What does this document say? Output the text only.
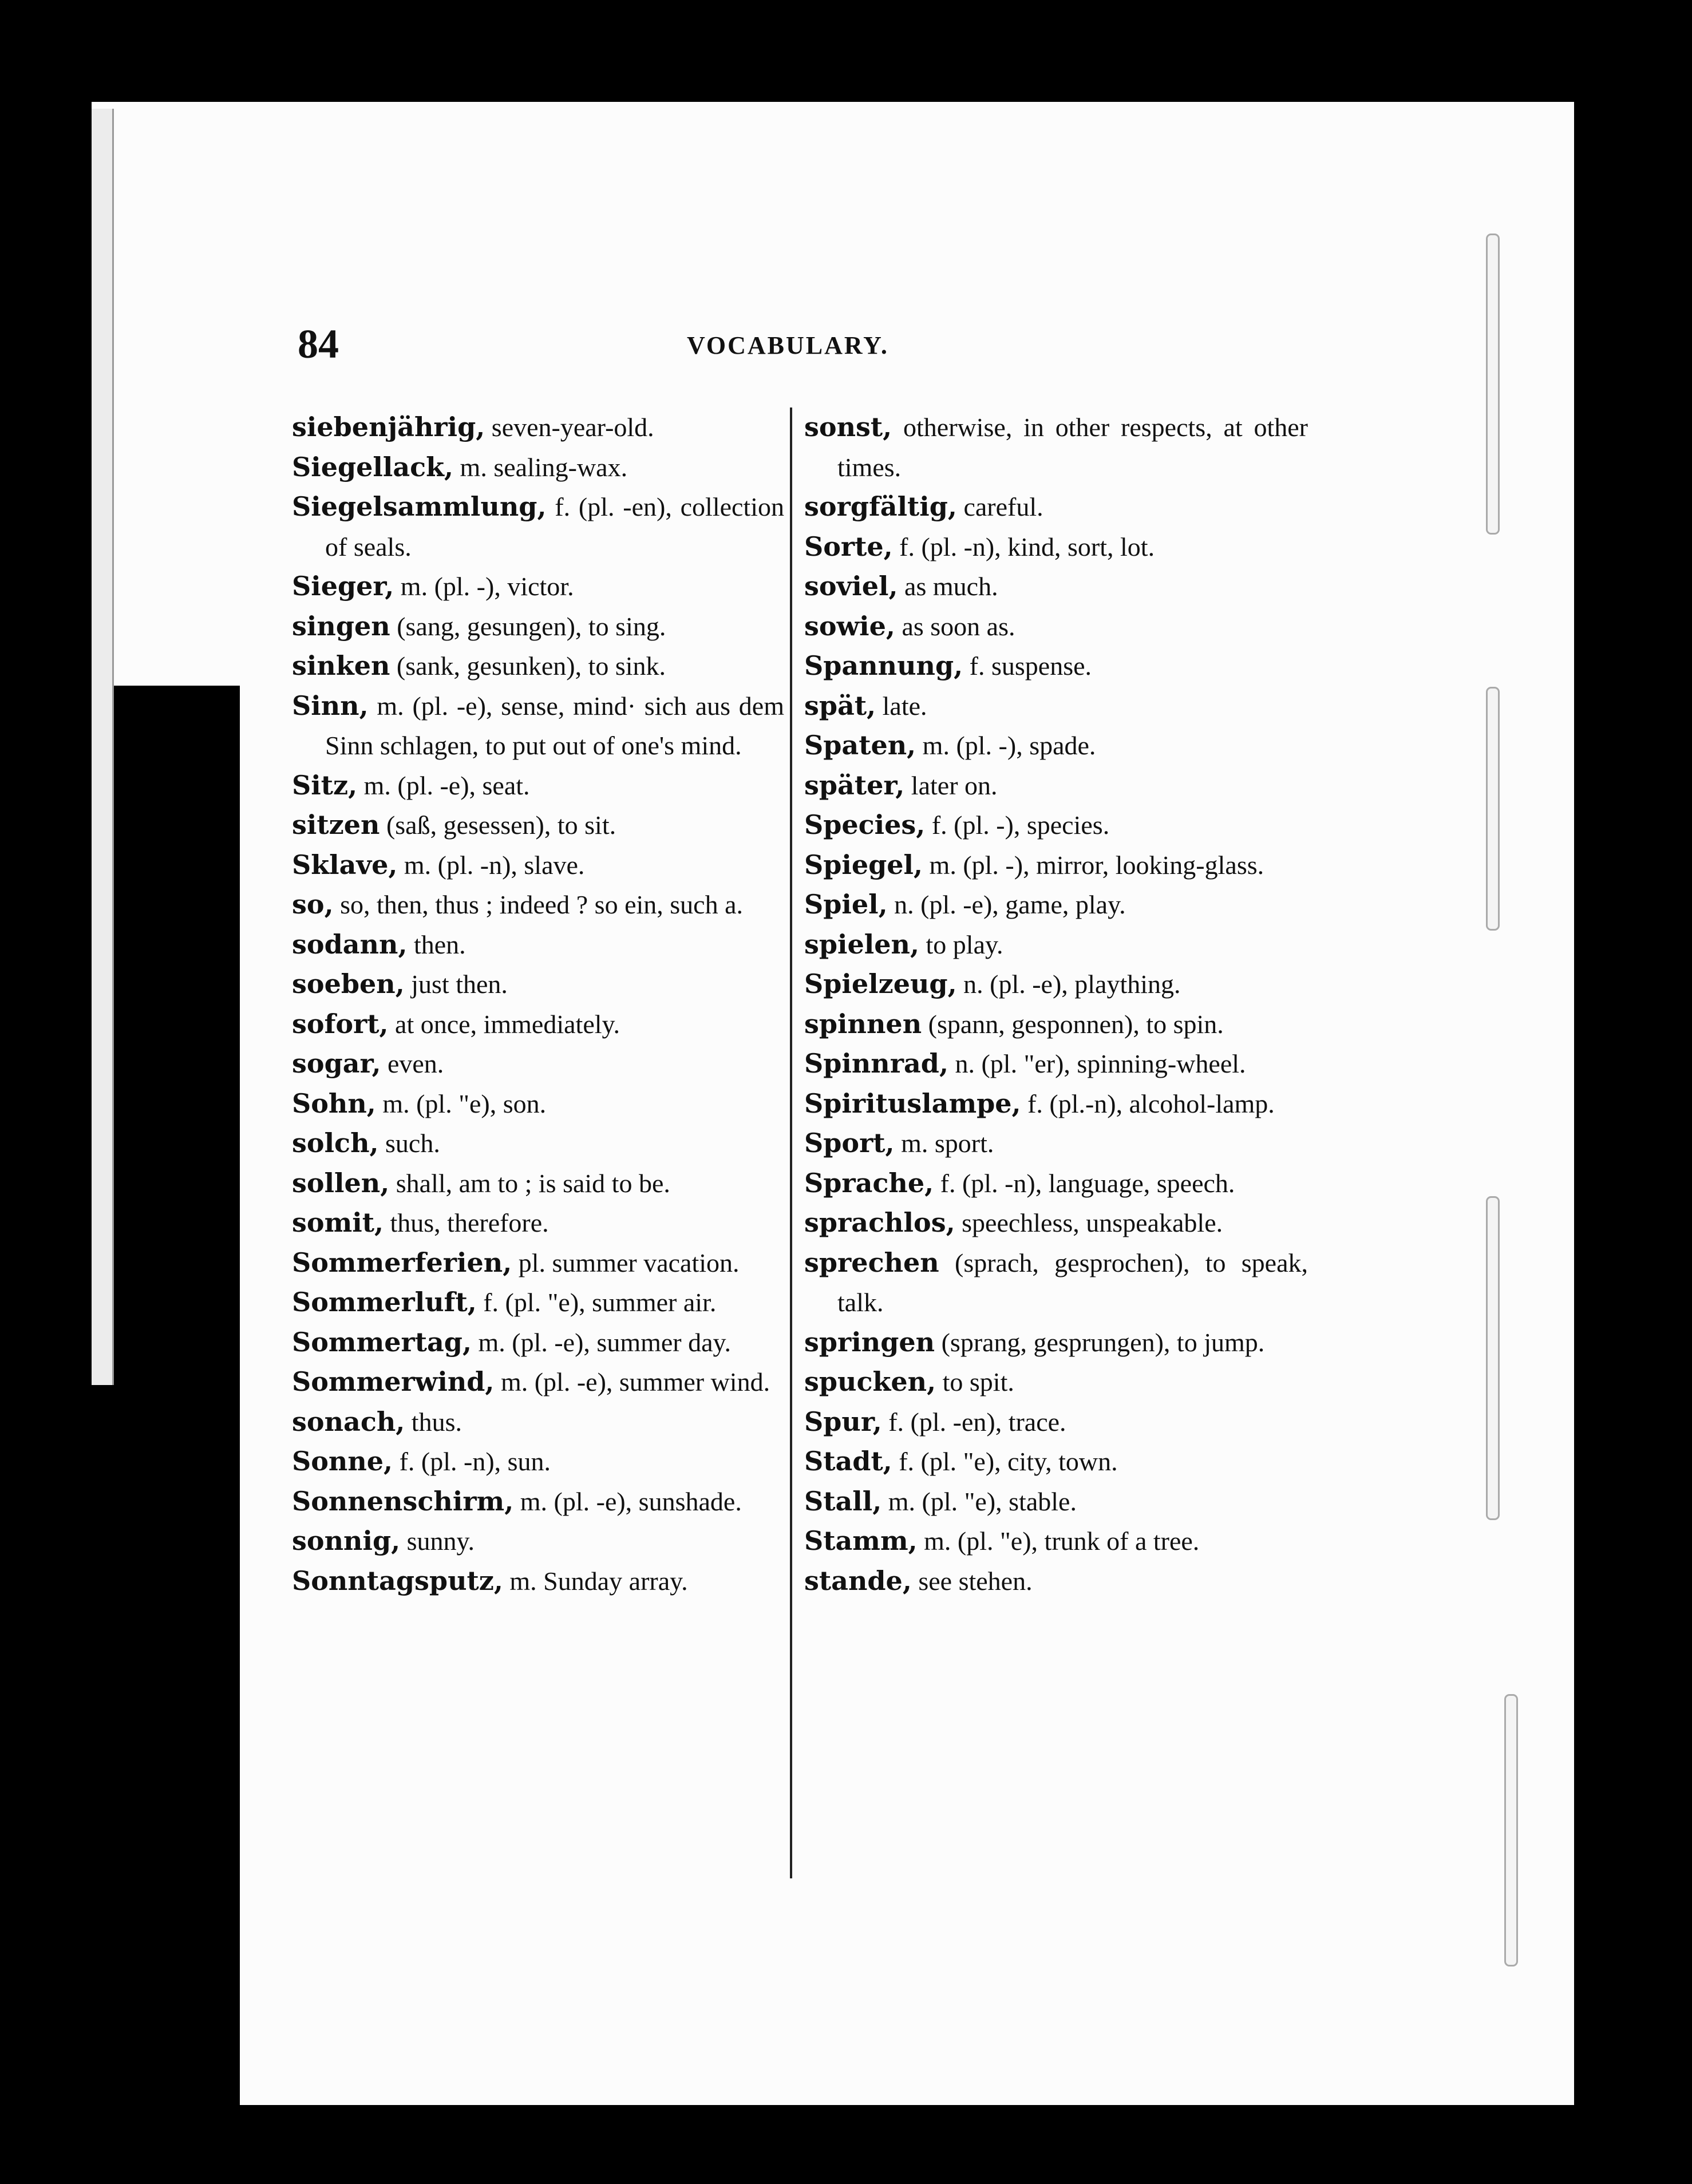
84	VOCABULARY.
siebenjährig, seven-year-old.
Siegellack, m. sealing-wax.
Siegelsammlung, f. (pl. -en), collection of seals.
Sieger, m. (pl. -), victor.
singen (sang, gesungen), to sing.
sinken (sank, gesunken), to sink.
Sinn, m. (pl. -e), sense, mind· sich aus dem Sinn schlagen, to put out of one's mind.
Sitz, m. (pl. -e), seat.
sitzen (saß, gesessen), to sit.
Sklave, m. (pl. -n), slave.
so, so, then, thus ; indeed ? so ein, such a.
sodann, then.
soeben, just then.
sofort, at once, immediately.
sogar, even.
Sohn, m. (pl. "e), son.
solch, such.
sollen, shall, am to ; is said to be.
somit, thus, therefore.
Sommerferien, pl. summer vacation.
Sommerluft, f. (pl. "e), summer air.
Sommertag, m. (pl. -e), summer day.
Sommerwind, m. (pl. -e), summer wind.
sonach, thus.
Sonne, f. (pl. -n), sun.
Sonnenschirm, m. (pl. -e), sunshade.
sonnig, sunny.
Sonntagsputz, m. Sunday array.
sonst, otherwise, in other respects, at other times.
sorgfältig, careful.
Sorte, f. (pl. -n), kind, sort, lot.
soviel, as much.
sowie, as soon as.
Spannung, f. suspense.
spät, late.
Spaten, m. (pl. -), spade.
später, later on.
Species, f. (pl. -), species.
Spiegel, m. (pl. -), mirror, looking-glass.
Spiel, n. (pl. -e), game, play.
spielen, to play.
Spielzeug, n. (pl. -e), plaything.
spinnen (spann, gesponnen), to spin.
Spinnrad, n. (pl. "er), spinning-wheel.
Spirituslampe, f. (pl.-n), alcohol-lamp.
Sport, m. sport.
Sprache, f. (pl. -n), language, speech.
sprachlos, speechless, unspeakable.
sprechen (sprach, gesprochen), to speak, talk.
springen (sprang, gesprungen), to jump.
spucken, to spit.
Spur, f. (pl. -en), trace.
Stadt, f. (pl. "e), city, town.
Stall, m. (pl. "e), stable.
Stamm, m. (pl. "e), trunk of a tree.
stande, see stehen.
